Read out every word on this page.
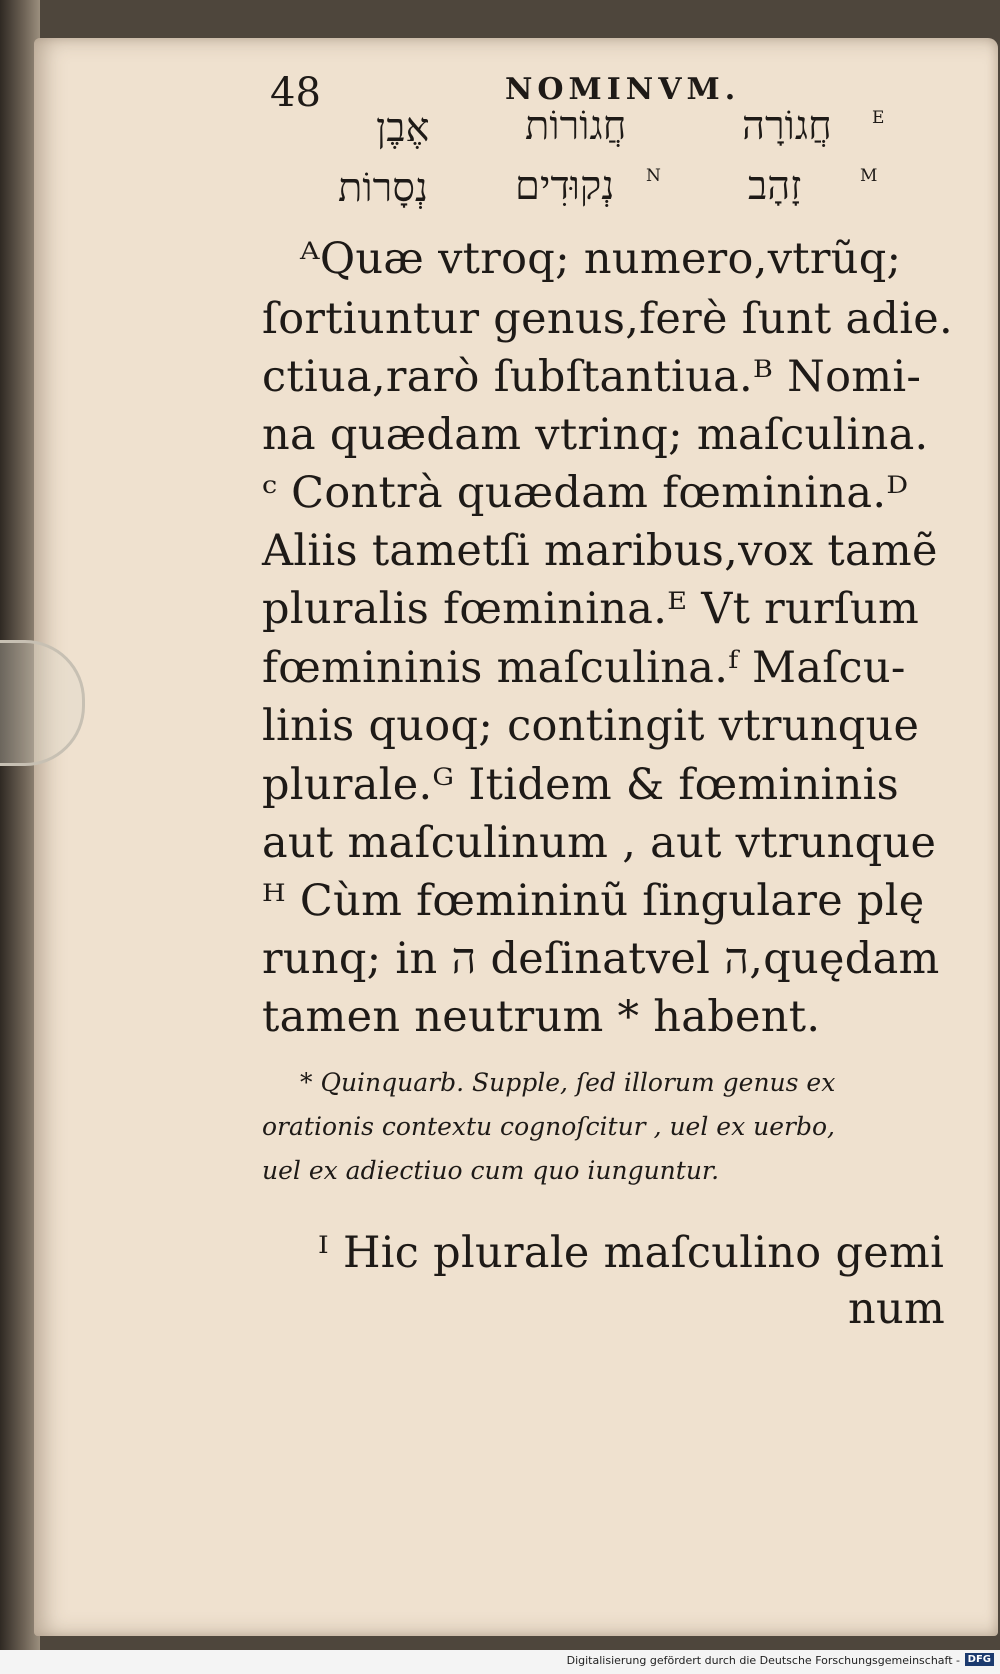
48	NOMINVM.
חֲגוֹרָה E
חֲגוֹרוֹת
אֶבֶן
זָהָב	M
נְקוּדִים N
נְסָרוֹת
ᴬQuæ vtroq; numero,vtrũq;
ſortiuntur genus,ferè ſunt adie.
ctiua,rarò ſubſtantiua.ᴮ Nomi-
na quædam vtrinq; maſculina.
ᶜ Contrà quædam fœminina.ᴰ
Aliis tametſi maribus,vox tamẽ
pluralis fœminina.ᴱ Vt rurſum
fœmininis maſculina.ᶠ Maſcu-
linis quoq; contingit vtrunque
plurale.ᴳ Itidem & fœmininis
aut maſculinum , aut vtrunque
ᴴ Cùm fœmininũ ſingulare plę
runq; in ה deſinatvel ה,quędam
tamen neutrum * habent.
* Quinquarb. Supple, ſed illorum genus ex
orationis contextu cognoſcitur , uel ex uerbo,
uel ex adiectiuo cum quo iunguntur.
ᴵ Hic plurale maſculino gemi
num
Digitalisierung gefördert durch die Deutsche Forschungsgemeinschaft - DFG
